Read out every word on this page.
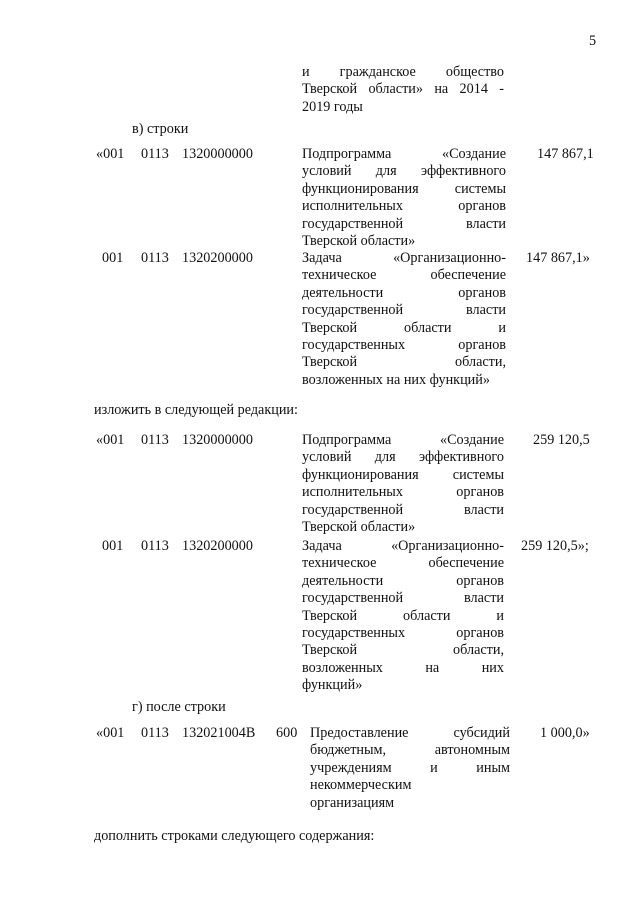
5
и гражданское общество
Тверской области» на 2014 -
2019 годы
в) строки
«001 0113 1320000000	Подпрограмма «Создание
условий для эффективного
функционирования системы
исполнительных органов
государственной власти
Тверской области»
147 867,1
001 0113 1320200000	Задача «Организационно-
техническое обеспечение
деятельности органов
государственной власти
Тверской области и
государственных органов
Тверской области,
возложенных на них функций»
147 867,1»
изложить в следующей редакции:
«001 0113 1320000000	Подпрограмма «Создание
условий для эффективного
функционирования системы
исполнительных органов
государственной власти
Тверской области»
259 120,5
001 0113 1320200000	Задача «Организационно-
техническое обеспечение
деятельности органов
государственной власти
Тверской области и
государственных органов
Тверской области,
возложенных на них
функций»
259 120,5»;
г) после строки
«001 0113 132021004В 600 Предоставление субсидий
бюджетным, автономным
учреждениям и иным
некоммерческим
организациям
1 000,0»
дополнить строками следующего содержания:
